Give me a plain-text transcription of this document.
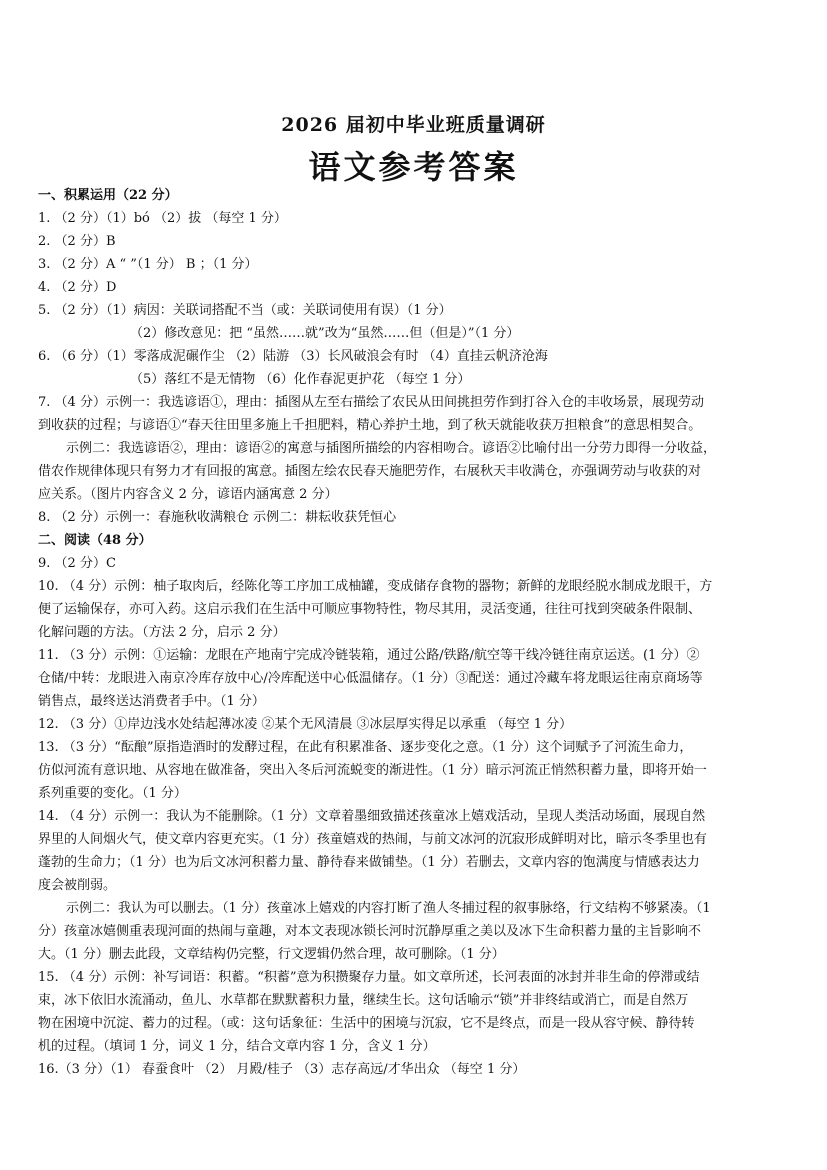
2026 届初中毕业班质量调研
语文参考答案
一、积累运用（22 分）
1. （2 分）（1）bó （2）拔 （每空 1 分）
2. （2 分）B
3. （2 分）A “ ”（1 分） B ；（1 分）
4. （2 分）D
5. （2 分）（1）病因：关联词搭配不当（或：关联词使用有误）（1 分）
（2）修改意见：把 “虽然……就”改为“虽然……但（但是）”（1 分）
6. （6 分）（1）零落成泥碾作尘 （2）陆游 （3）长风破浪会有时 （4）直挂云帆济沧海
（5）落红不是无情物 （6）化作春泥更护花 （每空 1 分）
7. （4 分）示例一：我选谚语①，理由：插图从左至右描绘了农民从田间挑担劳作到打谷入仓的丰收场景，展现劳动
到收获的过程；与谚语①“春天往田里多施上千担肥料，精心养护土地，到了秋天就能收获万担粮食”的意思相契合。
示例二：我选谚语②，理由：谚语②的寓意与插图所描绘的内容相吻合。谚语②比喻付出一分劳力即得一分收益，
借农作规律体现只有努力才有回报的寓意。插图左绘农民春天施肥劳作，右展秋天丰收满仓，亦强调劳动与收获的对
应关系。（图片内容含义 2 分，谚语内涵寓意 2 分）
8. （2 分）示例一：春施秋收满粮仓 示例二：耕耘收获凭恒心
二、阅读（48 分）
9. （2 分）C
10. （4 分）示例：柚子取肉后，经陈化等工序加工成柚罐，变成储存食物的器物；新鲜的龙眼经脱水制成龙眼干，方
便了运输保存，亦可入药。这启示我们在生活中可顺应事物特性，物尽其用，灵活变通，往往可找到突破条件限制、
化解问题的方法。（方法 2 分，启示 2 分）
11. （3 分）示例：①运输：龙眼在产地南宁完成冷链装箱，通过公路/铁路/航空等干线冷链往南京运送。(1 分）②
仓储/中转：龙眼进入南京冷库存放中心/冷库配送中心低温储存。（1 分）③配送：通过冷藏车将龙眼运往南京商场等
销售点，最终送达消费者手中。（1 分）
12. （3 分）①岸边浅水处结起薄冰凌 ②某个无风清晨 ③冰层厚实得足以承重 （每空 1 分）
13. （3 分）“酝酿”原指造酒时的发酵过程，在此有积累准备、逐步变化之意。（1 分）这个词赋予了河流生命力，
仿似河流有意识地、从容地在做准备，突出入冬后河流蜕变的渐进性。（1 分）暗示河流正悄然积蓄力量，即将开始一
系列重要的变化。（1 分）
14. （4 分）示例一：我认为不能删除。（1 分）文章着墨细致描述孩童冰上嬉戏活动，呈现人类活动场面，展现自然
界里的人间烟火气，使文章内容更充实。（1 分）孩童嬉戏的热闹，与前文冰河的沉寂形成鲜明对比，暗示冬季里也有
蓬勃的生命力；（1 分）也为后文冰河积蓄力量、静待春来做铺垫。（1 分）若删去，文章内容的饱满度与情感表达力
度会被削弱。
示例二：我认为可以删去。（1 分）孩童冰上嬉戏的内容打断了渔人冬捕过程的叙事脉络，行文结构不够紧凑。（1
分）孩童冰嬉侧重表现河面的热闹与童趣，对本文表现冰锁长河时沉静厚重之美以及冰下生命积蓄力量的主旨影响不
大。（1 分）删去此段，文章结构仍完整，行文逻辑仍然合理，故可删除。（1 分）
15. （4 分）示例：补写词语：积蓄。“积蓄”意为积攒聚存力量。如文章所述，长河表面的冰封并非生命的停滞或结
束，冰下依旧水流涌动，鱼儿、水草都在默默蓄积力量，继续生长。这句话喻示“锁”并非终结或消亡，而是自然万
物在困境中沉淀、蓄力的过程。（或：这句话象征：生活中的困境与沉寂，它不是终点，而是一段从容守候、静待转
机的过程。（填词 1 分，词义 1 分，结合文章内容 1 分，含义 1 分）
16.（3 分）（1） 春蚕食叶 （2） 月殿/桂子 （3）志存高远/才华出众 （每空 1 分）
